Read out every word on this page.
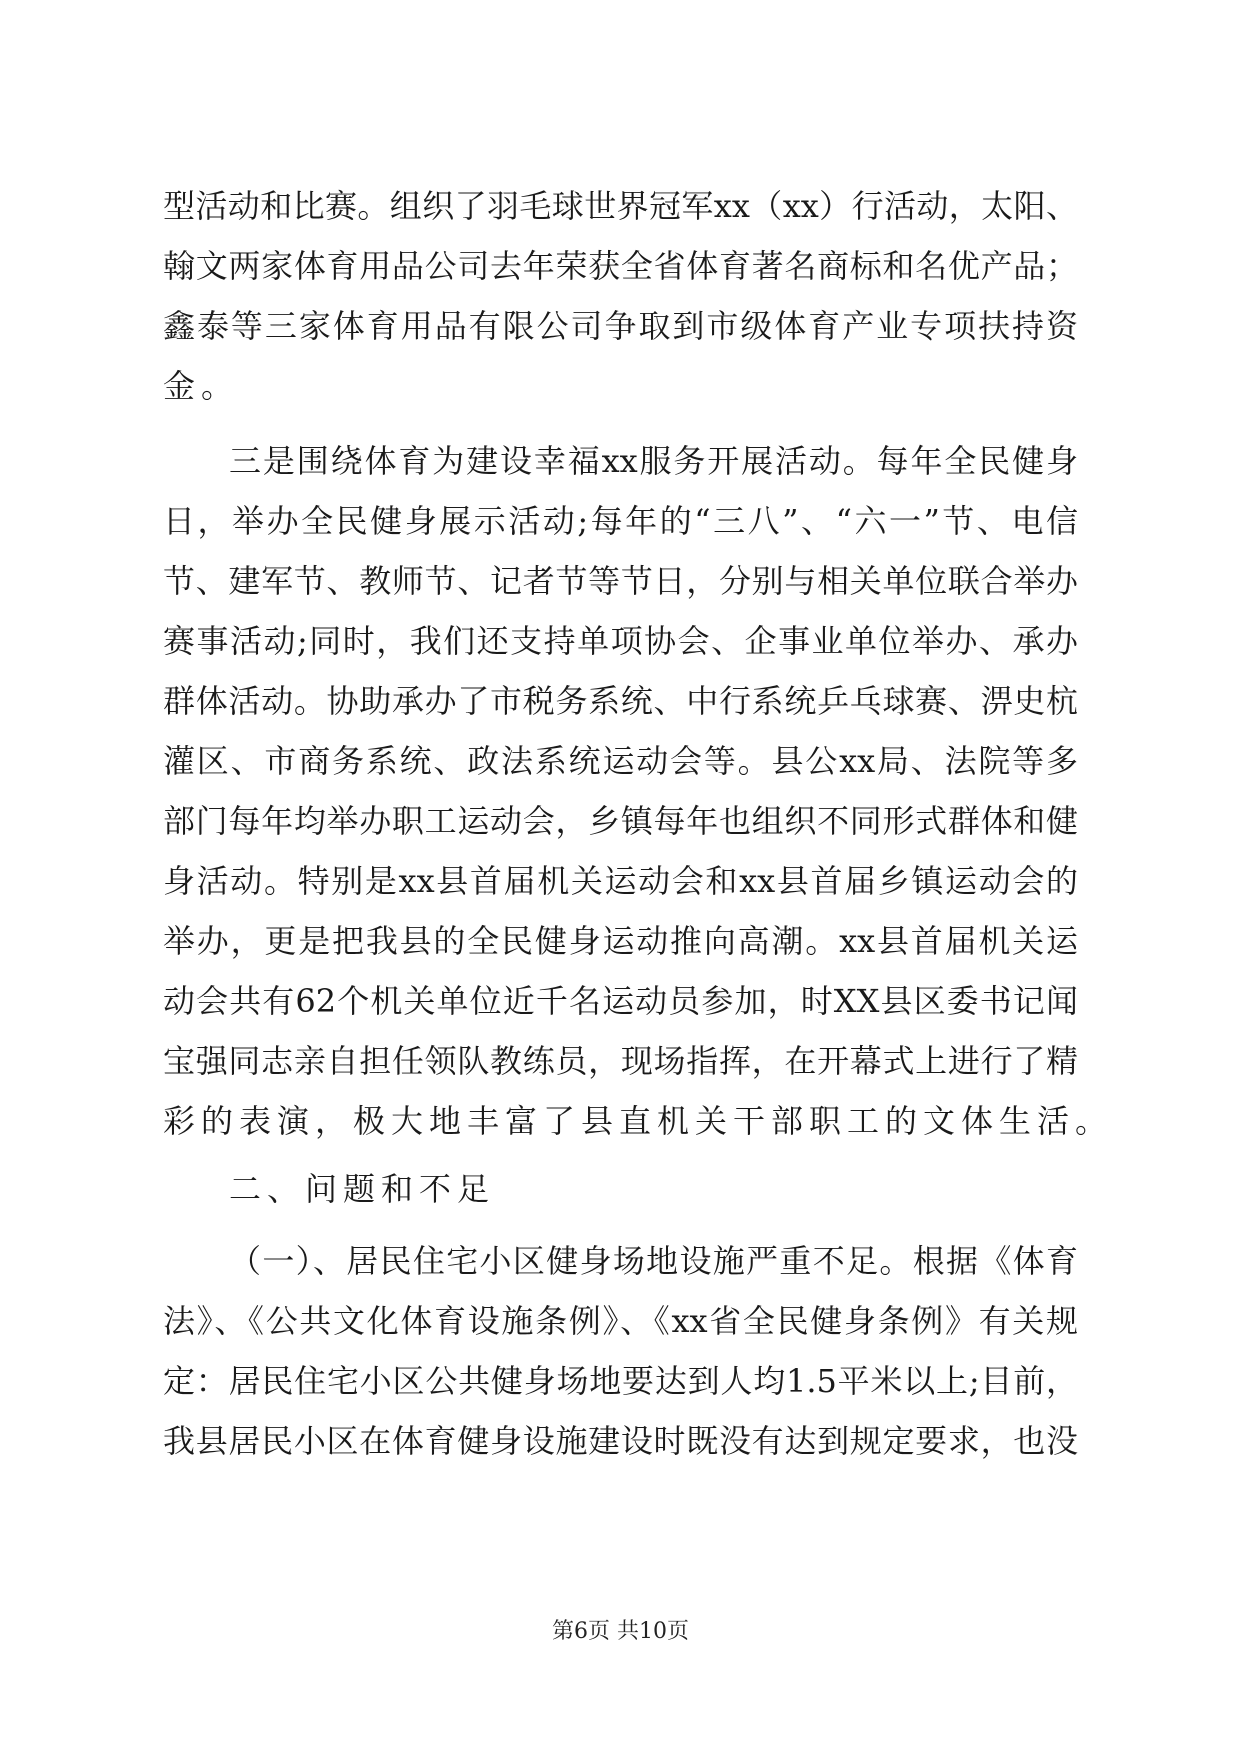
型活动和比赛。组织了羽毛球世界冠军xx（xx）行活动，太阳、
翰文两家体育用品公司去年荣获全省体育著名商标和名优产品；
鑫泰等三家体育用品有限公司争取到市级体育产业专项扶持资
金。
三是围绕体育为建设幸福xx服务开展活动。每年全民健身
日，举办全民健身展示活动;每年的“三八”、“六一”节、电信
节、建军节、教师节、记者节等节日，分别与相关单位联合举办
赛事活动;同时，我们还支持单项协会、企事业单位举办、承办
群体活动。协助承办了市税务系统、中行系统乒乓球赛、淠史杭
灌区、市商务系统、政法系统运动会等。县公xx局、法院等多
部门每年均举办职工运动会，乡镇每年也组织不同形式群体和健
身活动。特别是xx县首届机关运动会和xx县首届乡镇运动会的
举办，更是把我县的全民健身运动推向高潮。xx县首届机关运
动会共有62个机关单位近千名运动员参加，时XX县区委书记闻
宝强同志亲自担任领队教练员，现场指挥，在开幕式上进行了精
彩的表演，极大地丰富了县直机关干部职工的文体生活。
二、问题和不足
（一）、居民住宅小区健身场地设施严重不足。根据《体育
法》、《公共文化体育设施条例》、《xx省全民健身条例》有关规
定：居民住宅小区公共健身场地要达到人均1.5平米以上;目前，
我县居民小区在体育健身设施建设时既没有达到规定要求，也没
第6页 共10页
